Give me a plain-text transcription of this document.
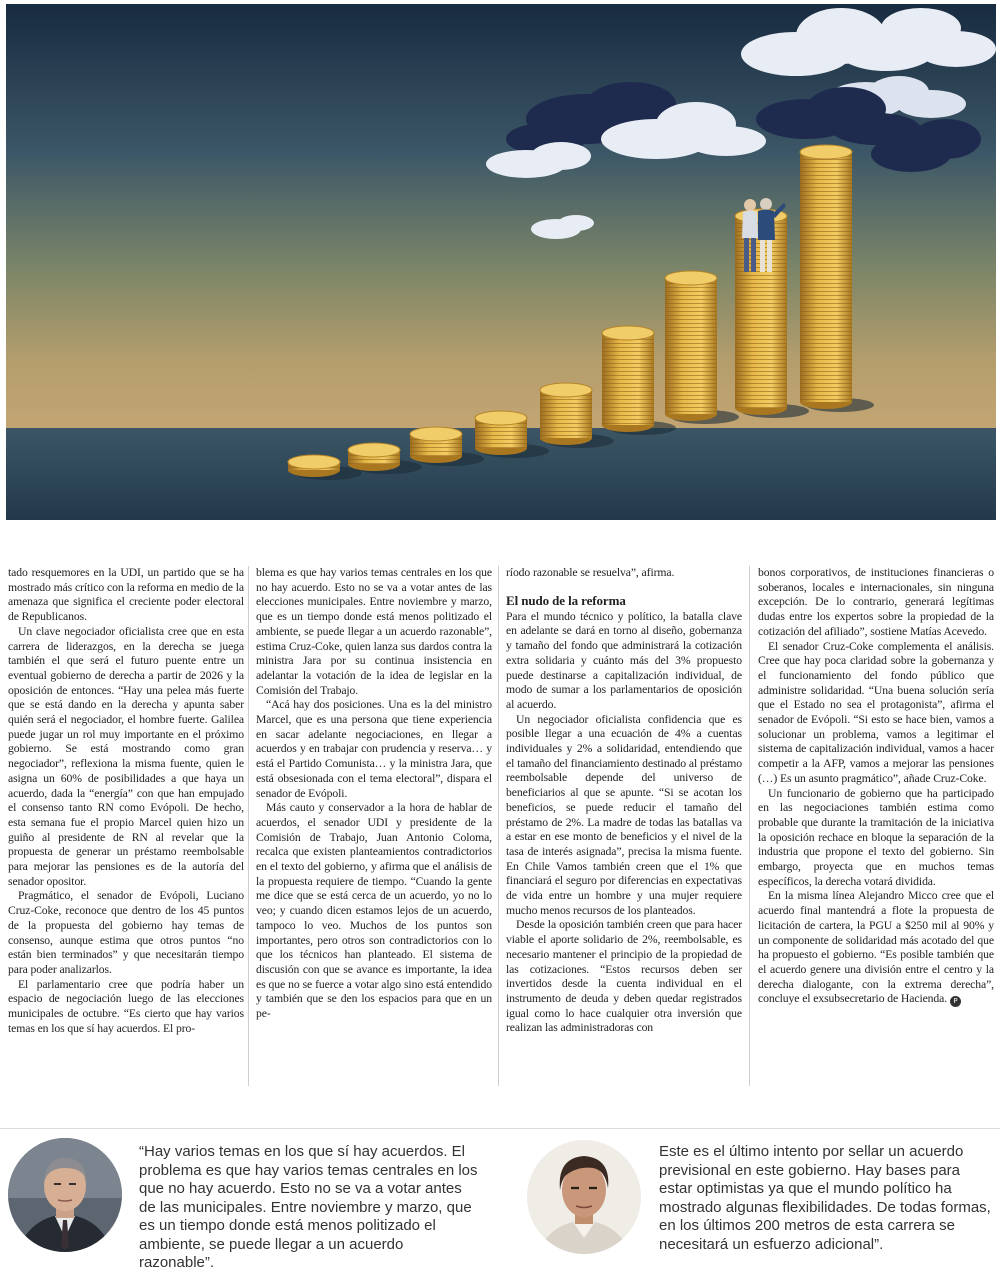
tado resquemores en la UDI, un partido que se ha mostrado más crítico con la reforma en medio de la amenaza que significa el creciente poder electoral de Republicanos.

Un clave negociador oficialista cree que en esta carrera de liderazgos, en la derecha se juega también el que será el futuro puente entre un eventual gobierno de derecha a partir de 2026 y la oposición de entonces. “Hay una pelea más fuerte que se está dando en la derecha y apunta saber quién será el negociador, el hombre fuerte. Galilea puede jugar un rol muy importante en el próximo gobierno. Se está mostrando como gran negociador”, reflexiona la misma fuente, quien le asigna un 60% de posibilidades a que haya un acuerdo, dada la “energía” con que han empujado el consenso tanto RN como Evópoli. De hecho, esta semana fue el propio Marcel quien hizo un guiño al presidente de RN al revelar que la propuesta de generar un préstamo reembolsable para mejorar las pensiones es de la autoría del senador opositor.

Pragmático, el senador de Evópoli, Luciano Cruz-Coke, reconoce que dentro de los 45 puntos de la propuesta del gobierno hay temas de consenso, aunque estima que otros puntos “no están bien terminados” y que necesitarán tiempo para poder analizarlos.

El parlamentario cree que podría haber un espacio de negociación luego de las elecciones municipales de octubre. “Es cierto que hay varios temas en los que sí hay acuerdos. El pro-

blema es que hay varios temas centrales en los que no hay acuerdo. Esto no se va a votar antes de las elecciones municipales. Entre noviembre y marzo, que es un tiempo donde está menos politizado el ambiente, se puede llegar a un acuerdo razonable”, estima Cruz-Coke, quien lanza sus dardos contra la ministra Jara por su continua insistencia en adelantar la votación de la idea de legislar en la Comisión del Trabajo.

“Acá hay dos posiciones. Una es la del ministro Marcel, que es una persona que tiene experiencia en sacar adelante negociaciones, en llegar a acuerdos y en trabajar con prudencia y reserva… y está el Partido Comunista… y la ministra Jara, que está obsesionada con el tema electoral”, dispara el senador de Evópoli.

Más cauto y conservador a la hora de hablar de acuerdos, el senador UDI y presidente de la Comisión de Trabajo, Juan Antonio Coloma, recalca que existen planteamientos contradictorios en el texto del gobierno, y afirma que el análisis de la propuesta requiere de tiempo. “Cuando la gente me dice que se está cerca de un acuerdo, yo no lo veo; y cuando dicen estamos lejos de un acuerdo, tampoco lo veo. Muchos de los puntos son importantes, pero otros son contradictorios con lo que los técnicos han planteado. El sistema de discusión con que se avance es importante, la idea es que no se fuerce a votar algo sino está entendido y también que se den los espacios para que en un pe-

ríodo razonable se resuelva”, afirma.

El nudo de la reforma

Para el mundo técnico y político, la batalla clave en adelante se dará en torno al diseño, gobernanza y tamaño del fondo que administrará la cotización extra solidaria y cuánto más del 3% propuesto puede destinarse a capitalización individual, de modo de sumar a los parlamentarios de oposición al acuerdo.

Un negociador oficialista confidencia que es posible llegar a una ecuación de 4% a cuentas individuales y 2% a solidaridad, entendiendo que el tamaño del financiamiento destinado al préstamo reembolsable depende del universo de beneficiarios al que se apunte. “Si se acotan los beneficios, se puede reducir el tamaño del préstamo de 2%. La madre de todas las batallas va a estar en ese monto de beneficios y el nivel de la tasa de interés asignada”, precisa la misma fuente. En Chile Vamos también creen que el 1% que financiará el seguro por diferencias en expectativas de vida entre un hombre y una mujer requiere mucho menos recursos de los planteados.

Desde la oposición también creen que para hacer viable el aporte solidario de 2%, reembolsable, es necesario mantener el principio de la propiedad de las cotizaciones. “Estos recursos deben ser invertidos desde la cuenta individual en el instrumento de deuda y deben quedar registrados igual como lo hace cualquier otra inversión que realizan las administradoras con

bonos corporativos, de instituciones financieras o soberanos, locales e internacionales, sin ninguna excepción. De lo contrario, generará legítimas dudas entre los expertos sobre la propiedad de la cotización del afiliado”, sostiene Matías Acevedo.

El senador Cruz-Coke complementa el análisis. Cree que hay poca claridad sobre la gobernanza y el funcionamiento del fondo público que administre solidaridad. “Una buena solución sería que el Estado no sea el protagonista”, afirma el senador de Evópoli. “Si esto se hace bien, vamos a solucionar un problema, vamos a legitimar el sistema de capitalización individual, vamos a hacer competir a la AFP, vamos a mejorar las pensiones (…) Es un asunto pragmático”, añade Cruz-Coke.

Un funcionario de gobierno que ha participado en las negociaciones también estima como probable que durante la tramitación de la iniciativa la oposición rechace en bloque la separación de la industria que propone el texto del gobierno. Sin embargo, proyecta que en muchos temas específicos, la derecha votará dividida.

En la misma línea Alejandro Micco cree que el acuerdo final mantendrá a flote la propuesta de licitación de cartera, la PGU a $250 mil al 90% y un componente de solidaridad más acotado del que ha propuesto el gobierno. “Es posible también que el acuerdo genere una división entre el centro y la derecha dialogante, con la extrema derecha”, concluye el exsubsecretario de Hacienda. P

“Hay varios temas en los que sí hay acuerdos. El problema es que hay varios temas centrales en los que no hay acuerdo. Esto no se va a votar antes de las municipales. Entre noviembre y marzo, que es un tiempo donde está menos politizado el ambiente, se puede llegar a un acuerdo razonable”.
Este es el último intento por sellar un acuerdo previsional en este gobierno. Hay bases para estar optimistas ya que el mundo político ha mostrado algunas flexibilidades. De todas formas, en los últimos 200 metros de esta carrera se necesitará un esfuerzo adicional”.
